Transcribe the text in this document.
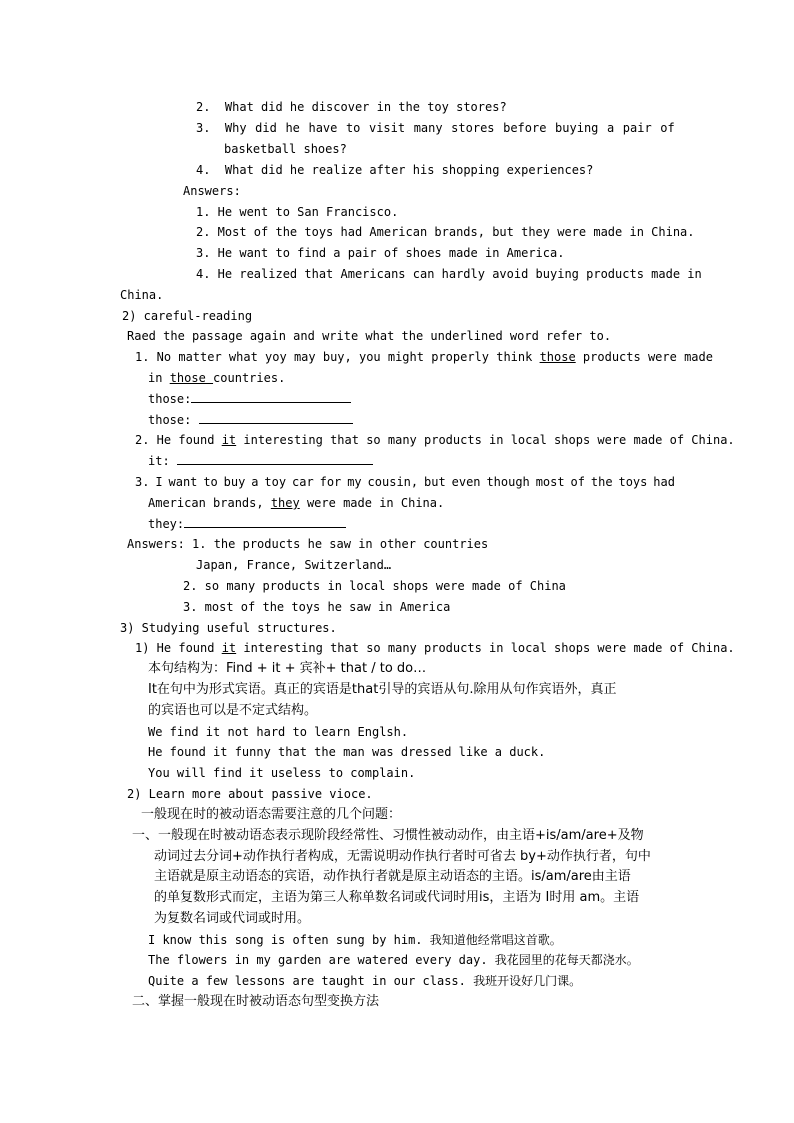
2. What did he discover in the toy stores?
3. Why did he have to visit many stores before buying a pair of
basketball shoes?
4. What did he realize after his shopping experiences?
Answers:
1. He went to San Francisco.
2. Most of the toys had American brands, but they were made in China.
3. He want to find a pair of shoes made in America.
4. He realized that Americans can hardly avoid buying products made in
China.
2) careful-reading
Raed the passage again and write what the underlined word refer to.
1. No matter what yoy may buy, you might properly think those products were made
in those countries.
those:
those:
2. He found it interesting that so many products in local shops were made of China.
it:
3. I want to buy a toy car for my cousin, but even though most of the toys had
American brands, they were made in China.
they:
Answers: 1. the products he saw in other countries
Japan, France, Switzerland…
2. so many products in local shops were made of China
3. most of the toys he saw in America
3) Studying useful structures.
1) He found it interesting that so many products in local shops were made of China.
本句结构为：Find + it + 宾补+ that / to do…
It在句中为形式宾语。真正的宾语是that引导的宾语从句.除用从句作宾语外，真正
的宾语也可以是不定式结构。
We find it not hard to learn Englsh.
He found it funny that the man was dressed like a duck.
You will find it useless to complain.
2) Learn more about passive vioce.
一般现在时的被动语态需要注意的几个问题：
一、一般现在时被动语态表示现阶段经常性、习惯性被动动作，由主语+is/am/are+及物
动词过去分词+动作执行者构成，无需说明动作执行者时可省去 by+动作执行者，句中
主语就是原主动语态的宾语，动作执行者就是原主动语态的主语。is/am/are由主语
的单复数形式而定，主语为第三人称单数名词或代词时用is，主语为 I时用 am。主语
为复数名词或代词或时用。
I know this song is often sung by him. 我知道他经常唱这首歌。
The flowers in my garden are watered every day. 我花园里的花每天都浇水。
Quite a few lessons are taught in our class. 我班开设好几门课。
二、掌握一般现在时被动语态句型变换方法
